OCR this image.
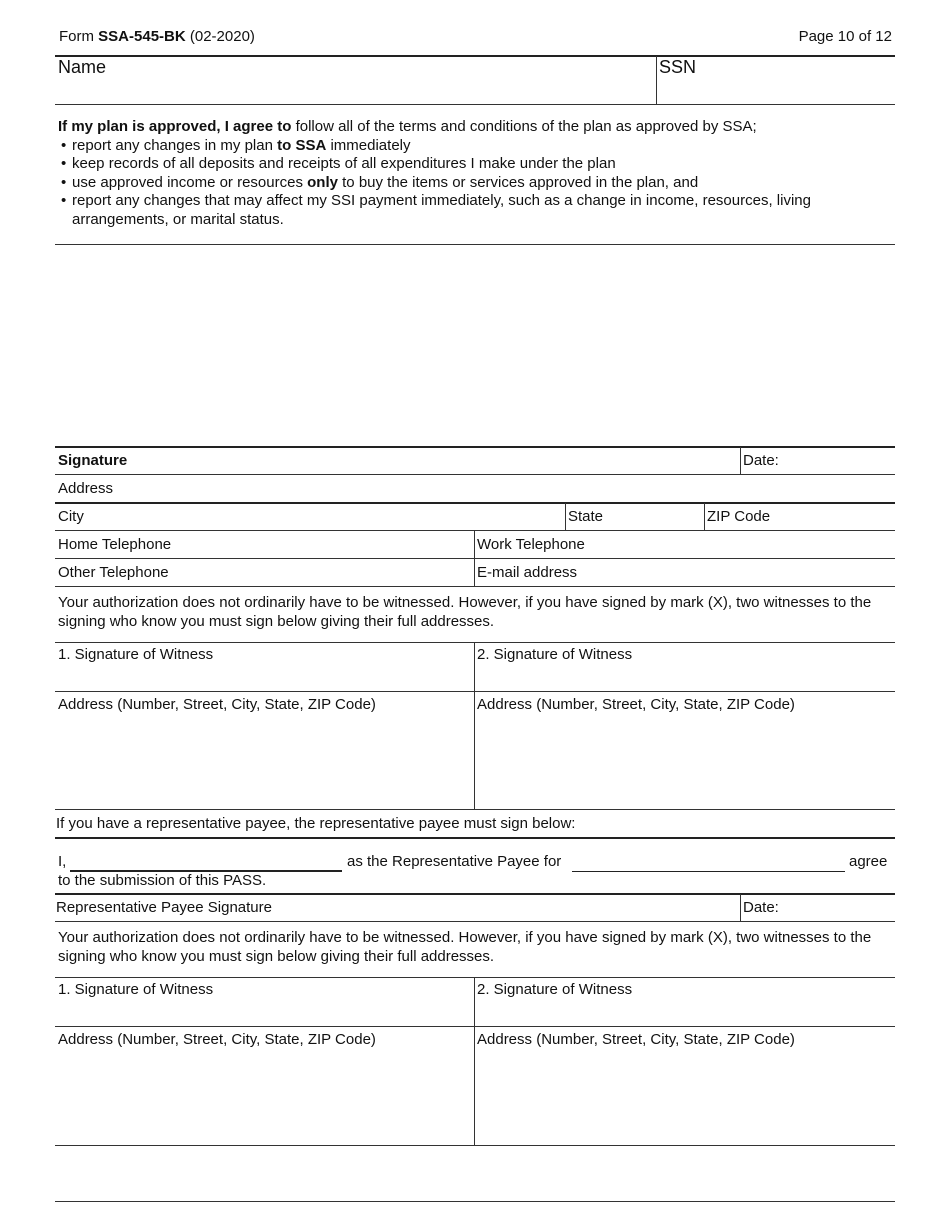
Form SSA-545-BK (02-2020)	Page 10 of 12
Name	SSN
If my plan is approved, I agree to follow all of the terms and conditions of the plan as approved by SSA;
• report any changes in my plan to SSA immediately
• keep records of all deposits and receipts of all expenditures I make under the plan
• use approved income or resources only to buy the items or services approved in the plan, and
• report any changes that may affect my SSI payment immediately, such as a change in income, resources, living arrangements, or marital status.
Signature	Date:
Address
City	State	ZIP Code
Home Telephone	Work Telephone
Other Telephone	E-mail address
Your authorization does not ordinarily have to be witnessed. However, if you have signed by mark (X), two witnesses to the signing who know you must sign below giving their full addresses.
1. Signature of Witness	2. Signature of Witness
Address (Number, Street, City, State, ZIP Code)	Address (Number, Street, City, State, ZIP Code)
If you have a representative payee, the representative payee must sign below:
I,	as the Representative Payee for	agree
to the submission of this PASS.
Representative Payee Signature	Date:
Your authorization does not ordinarily have to be witnessed. However, if you have signed by mark (X), two witnesses to the signing who know you must sign below giving their full addresses.
1. Signature of Witness	2. Signature of Witness
Address (Number, Street, City, State, ZIP Code)	Address (Number, Street, City, State, ZIP Code)
